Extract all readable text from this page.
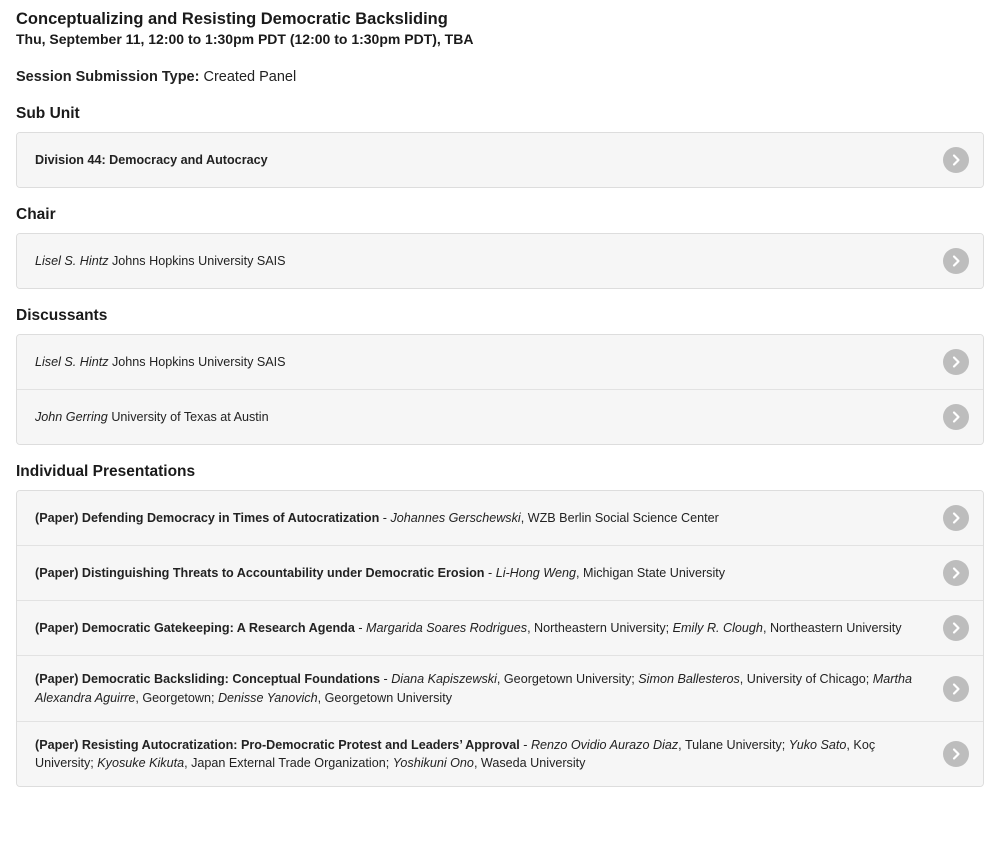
Conceptualizing and Resisting Democratic Backsliding
Thu, September 11, 12:00 to 1:30pm PDT (12:00 to 1:30pm PDT), TBA

Session Submission Type: Created Panel

Sub Unit
Division 44: Democracy and Autocracy
Chair
Lisel S. Hintz Johns Hopkins University SAIS
Discussants
Lisel S. Hintz Johns Hopkins University SAIS
John Gerring University of Texas at Austin
Individual Presentations
(Paper) Defending Democracy in Times of Autocratization - Johannes Gerschewski, WZB Berlin Social Science Center
(Paper) Distinguishing Threats to Accountability under Democratic Erosion - Li-Hong Weng, Michigan State University
(Paper) Democratic Gatekeeping: A Research Agenda - Margarida Soares Rodrigues, Northeastern University; Emily R. Clough, Northeastern University
(Paper) Democratic Backsliding: Conceptual Foundations - Diana Kapiszewski, Georgetown University; Simon Ballesteros, University of Chicago; Martha Alexandra Aguirre, Georgetown; Denisse Yanovich, Georgetown University
(Paper) Resisting Autocratization: Pro-Democratic Protest and Leaders’ Approval - Renzo Ovidio Aurazo Diaz, Tulane University; Yuko Sato, Koç University; Kyosuke Kikuta, Japan External Trade Organization; Yoshikuni Ono, Waseda University
